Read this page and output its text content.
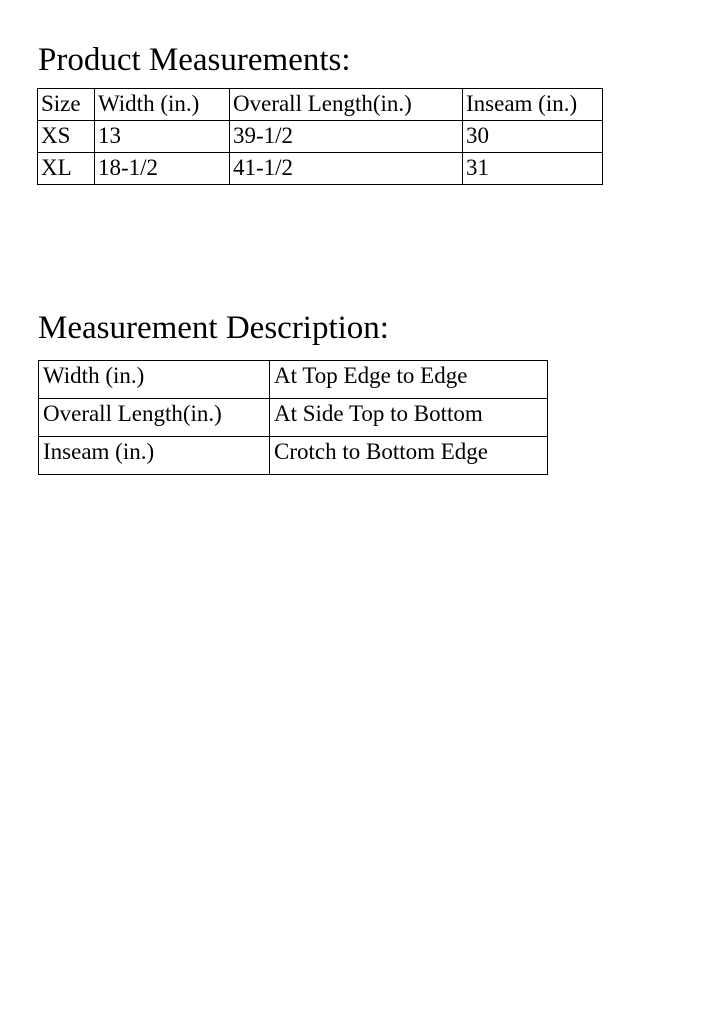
Product Measurements:
Size	Width (in.)	Overall Length(in.)	Inseam (in.)
XS	13	39-1/2	30
XL	18-1/2	41-1/2	31
Measurement Description:
Width (in.)	At Top Edge to Edge
Overall Length(in.)	At Side Top to Bottom
Inseam (in.)	Crotch to Bottom Edge
